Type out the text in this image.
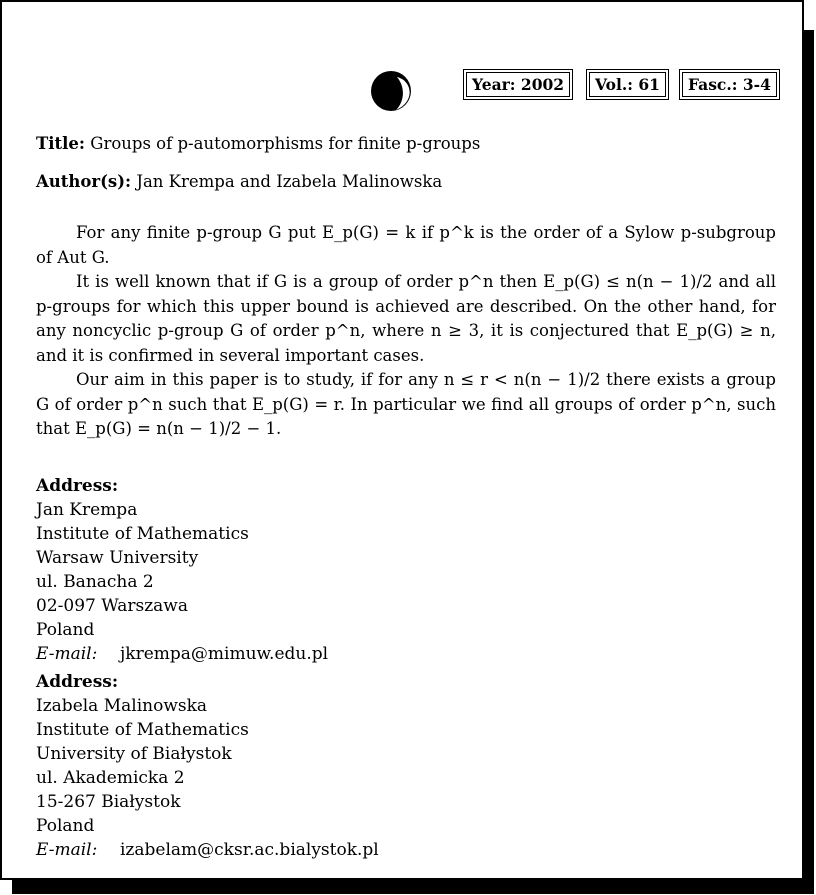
Year: 2002	Vol.: 61	Fasc.: 3-4
Title: Groups of p-automorphisms for finite p-groups
Author(s): Jan Krempa and Izabela Malinowska

For any finite p-group G put E_p(G) = k if p^k is the order of a Sylow p-subgroup of Aut G.

It is well known that if G is a group of order p^n then E_p(G) ≤ n(n − 1)/2 and all p-groups for which this upper bound is achieved are described. On the other hand, for any noncyclic p-group G of order p^n, where n ≥ 3, it is conjectured that E_p(G) ≥ n, and it is confirmed in several important cases.

Our aim in this paper is to study, if for any n ≤ r < n(n − 1)/2 there exists a group G of order p^n such that E_p(G) = r. In particular we find all groups of order p^n, such that E_p(G) = n(n − 1)/2 − 1.

Address:
Jan Krempa
Institute of Mathematics
Warsaw University
ul. Banacha 2
02-097 Warszawa
Poland
E-mail: jkrempa@mimuw.edu.pl
Address:
Izabela Malinowska
Institute of Mathematics
University of Białystok
ul. Akademicka 2
15-267 Białystok
Poland
E-mail: izabelam@cksr.ac.bialystok.pl
